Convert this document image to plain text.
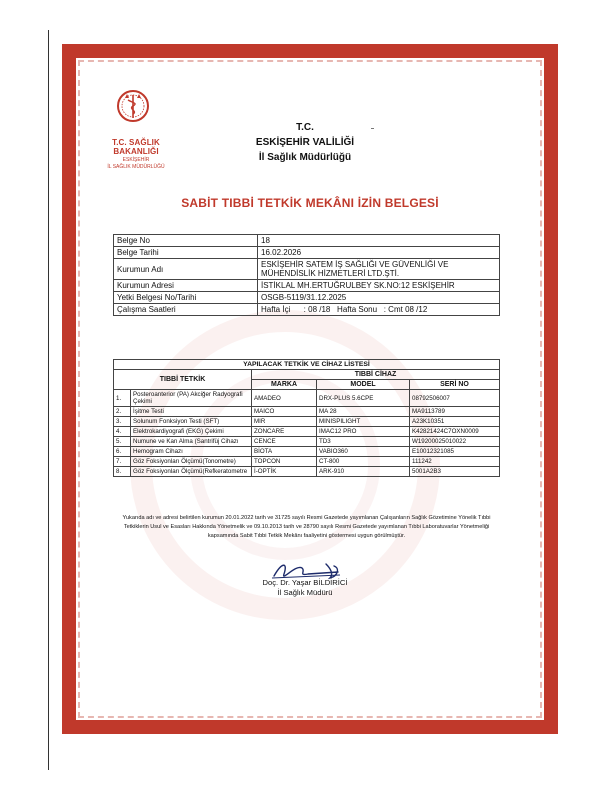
T.C. SAĞLIK BAKANLIĞI
ESKİŞEHİR
İL SAĞLIK MÜDÜRLÜĞÜ
T.C.
ESKİŞEHİR VALİLİĞİ
İl Sağlık Müdürlüğü
SABİT TIBBİ TETKİK MEKÂNI İZİN BELGESİ
Belge No	18
Belge Tarihi	16.02.2026
Kurumun Adı	ESKİŞEHİR SATEM İŞ SAĞLIĞI VE GÜVENLİĞİ VE MÜHENDİSLİK HİZMETLERİ LTD.ŞTİ.
Kurumun Adresi	İSTİKLAL MH.ERTUĞRULBEY SK.NO:12 ESKİŞEHİR
Yetki Belgesi No/Tarihi	OSGB-5119/31.12.2025
Çalışma Saatleri	Hafta İçi      : 08 /18   Hafta Sonu   : Cmt 08 /12
YAPILACAK TETKİK VE CİHAZ LİSTESİ				
TIBBİ TETKİK		TIBBİ CİHAZ		
		MARKA	MODEL	SERİ NO
1.	Posteroanterior (PA) Akciğer Radyografi Çekimi	AMADEO	DRX-PLUS 5.6CPE	08792506007
2.	İşitme Testi	MAICO	MA 28	MA9113789
3.	Solunum Fonksiyon Testi (SFT)	MIR	MINISPILIGHT	A23K10351
4.	Elektrokardiyografi (EKG) Çekimi	ZONCARE	IMAC12 PRO	K42821424C7OXN0009
5.	Numune ve Kan Alma (Santrifüj Cihazı	CENCE	TD3	W19200025010022
6.	Hemogram Cihazı	BİOTA	VABIO360	E10012321085
7.	Göz Foksiyonları Ölçümü(Tonometre)	TOPCON	CT-800	111242
8.	Göz Foksiyonları Ölçümü(Refkeratometre	İ-OPTİK	ARK-910	5001A2B3
Yukarıda adı ve adresi belirtilen kurumun 20.01.2022 tarih ve 31725 sayılı Resmi Gazetede yayımlanan Çalışanların Sağlık Gözetimine Yönelik Tıbbi Tetkiklerin Usul ve Esasları Hakkında Yönetmelik ve 09.10.2013 tarih ve 28790 sayılı Resmi Gazetede yayımlanan Tıbbi Laboratuvarlar Yönetmeliği kapsamında Sabit Tıbbi Tetkik Mekânı faaliyetini göstermesi uygun görülmüştür.
Doç. Dr. Yaşar BİLDİRİCİ
İl Sağlık Müdürü
